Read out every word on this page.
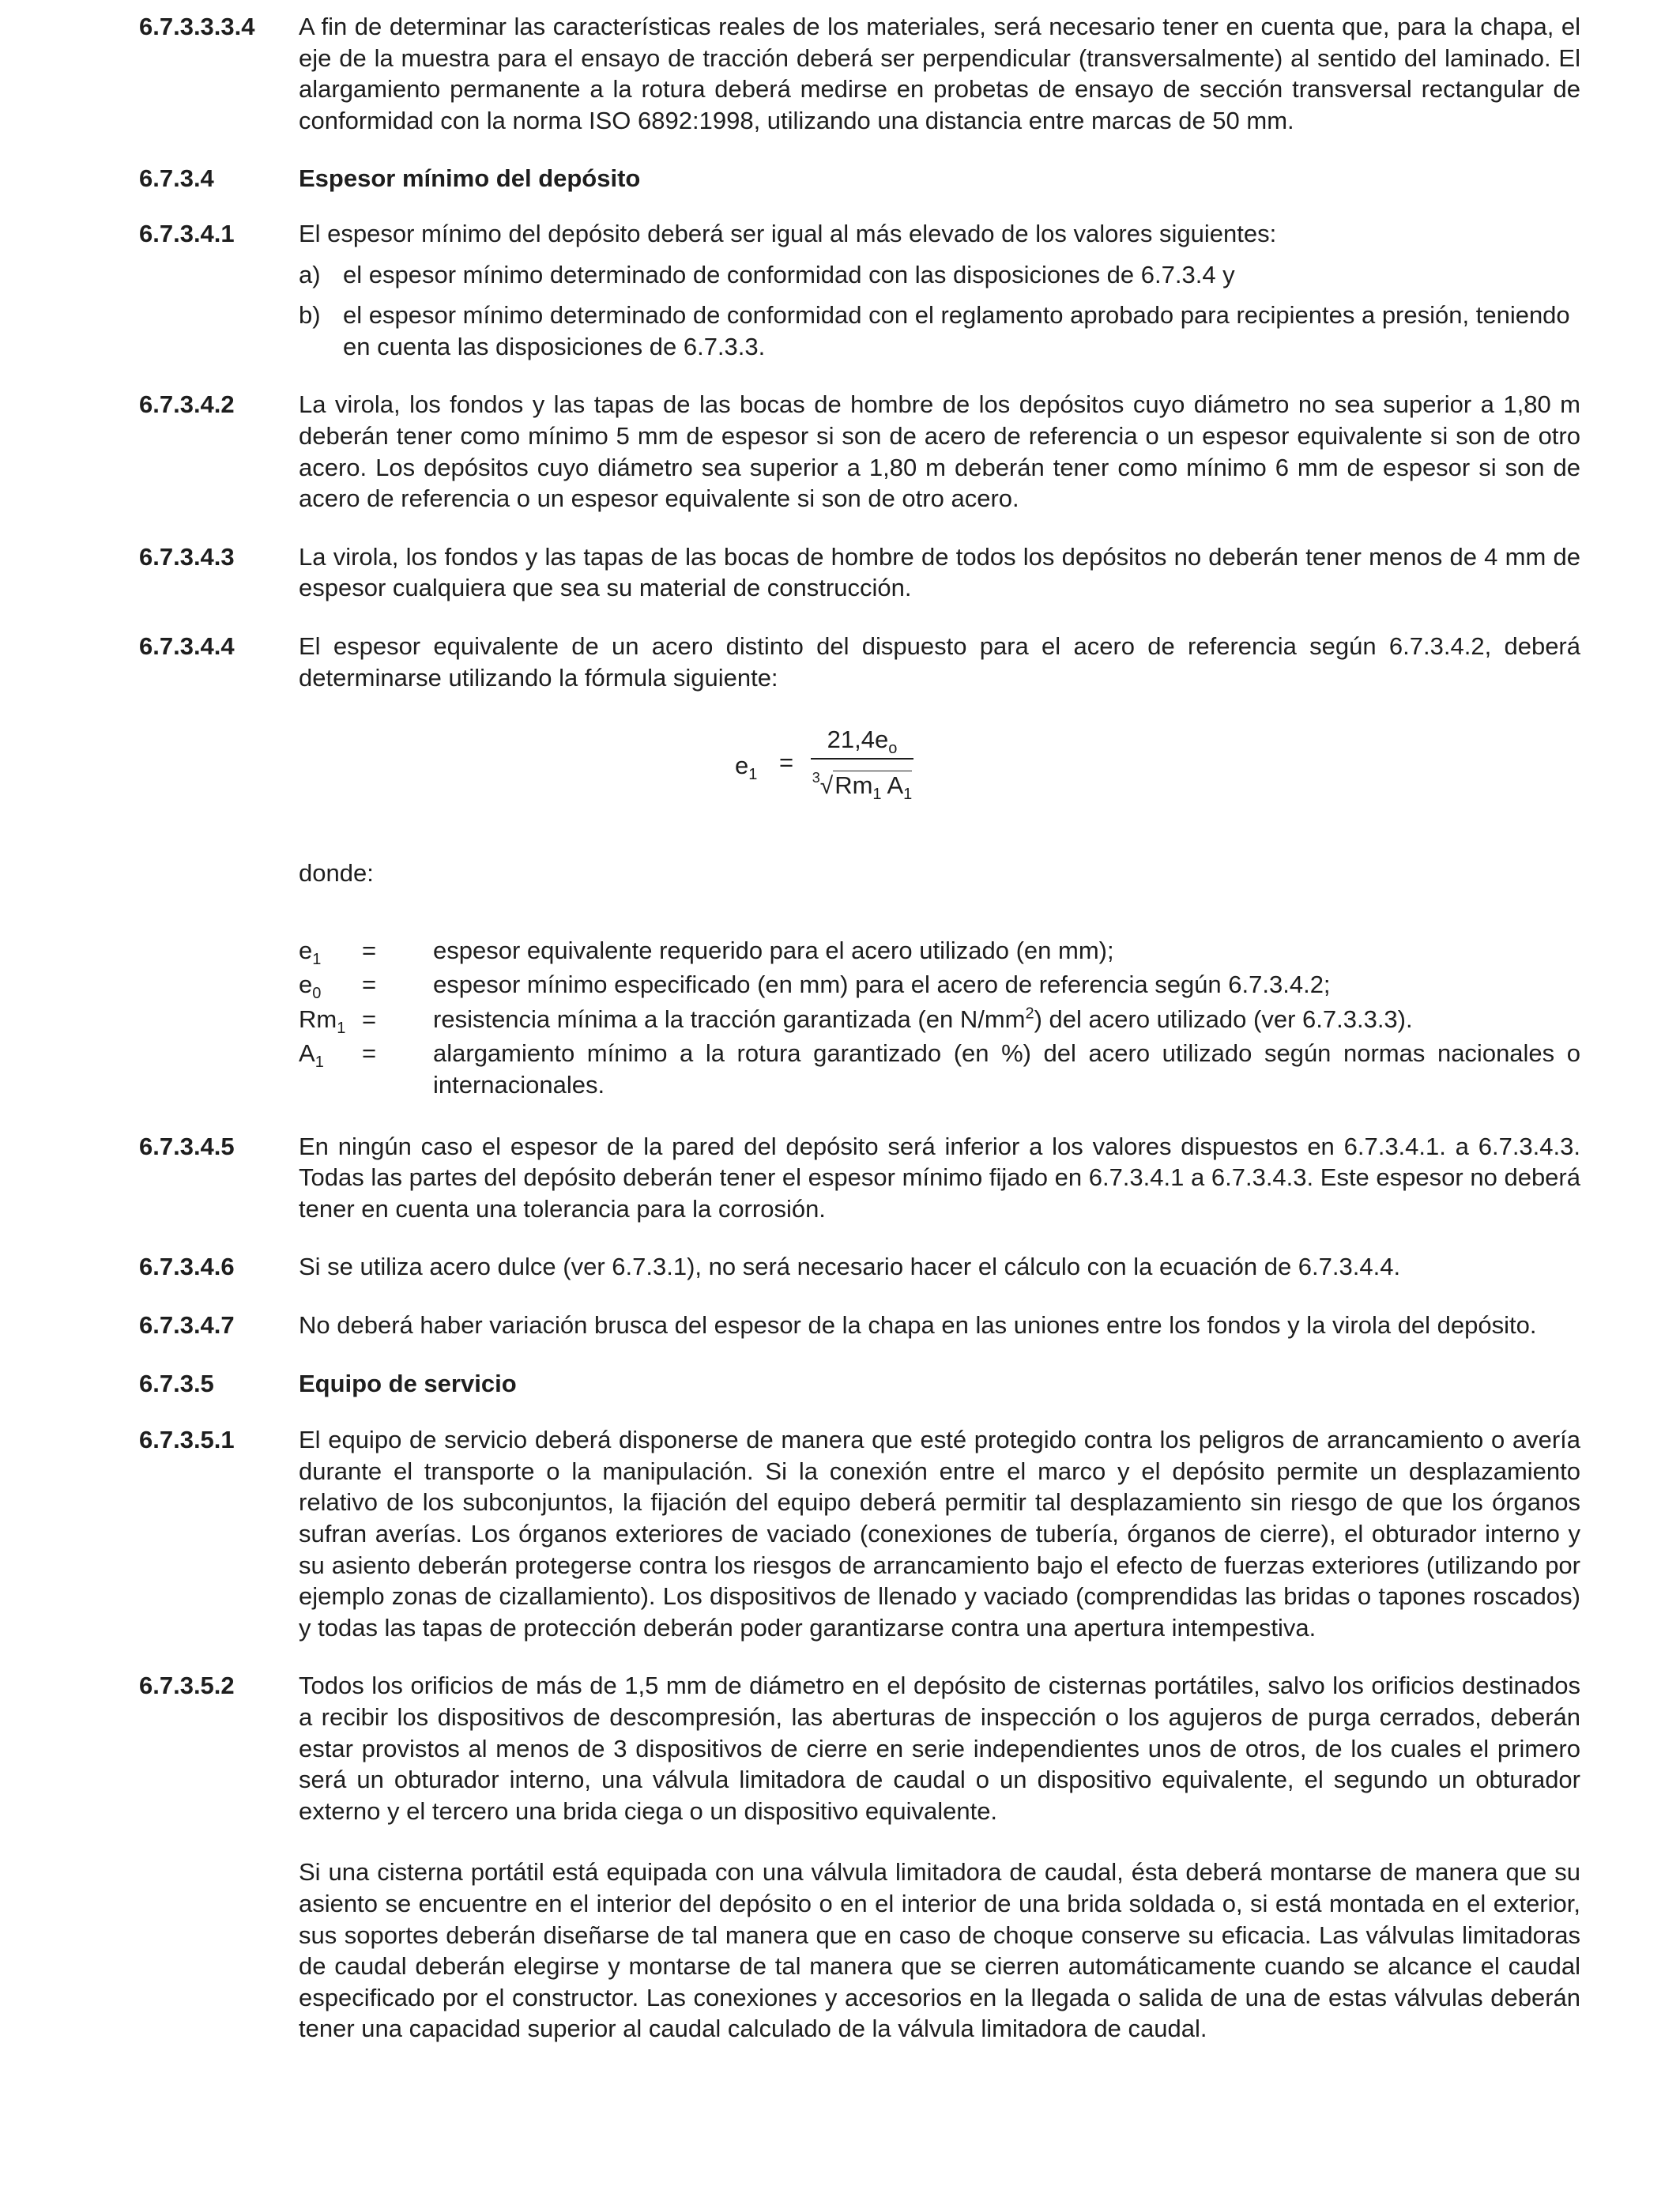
6.7.3.3.3.4	A fin de determinar las características reales de los materiales, será necesario tener en cuenta que, para la chapa, el eje de la muestra para el ensayo de tracción deberá ser perpendicular (transversalmente) al sentido del laminado. El alargamiento permanente a la rotura deberá medirse en probetas de ensayo de sección transversal rectangular de conformidad con la norma ISO 6892:1998, utilizando una distancia entre marcas de 50 mm.

6.7.3.4	Espesor mínimo del depósito
6.7.3.4.1	El espesor mínimo del depósito deberá ser igual al más elevado de los valores siguientes:

a) el espesor mínimo determinado de conformidad con las disposiciones de 6.7.3.4 y
b) el espesor mínimo determinado de conformidad con el reglamento aprobado para recipientes a presión, teniendo en cuenta las disposiciones de 6.7.3.3.
6.7.3.4.2	La virola, los fondos y las tapas de las bocas de hombre de los depósitos cuyo diámetro no sea superior a 1,80 m deberán tener como mínimo 5 mm de espesor si son de acero de referencia o un espesor equivalente si son de otro acero. Los depósitos cuyo diámetro sea superior a 1,80 m deberán tener como mínimo 6 mm de espesor si son de acero de referencia o un espesor equivalente si son de otro acero.

6.7.3.4.3	La virola, los fondos y las tapas de las bocas de hombre de todos los depósitos no deberán tener menos de 4 mm de espesor cualquiera que sea su material de construcción.

6.7.3.4.4	El espesor equivalente de un acero distinto del dispuesto para el acero de referencia según 6.7.3.4.2, deberá determinarse utilizando la fórmula siguiente:

$e_1$ =
$21,4e_o$
$^3√Rm_1$ $A_1$

donde:

$e_1$	=	espesor equivalente requerido para el acero utilizado (en mm);
$e_0$	=	espesor mínimo especificado (en mm) para el acero de referencia según 6.7.3.4.2;
$Rm_1$ =	resistencia mínima a la tracción garantizada (en $N/mm^2$) del acero utilizado (ver 6.7.3.3.3).
$A_1$	=	alargamiento mínimo a la rotura garantizado (en %) del acero utilizado según normas nacionales o internacionales.
6.7.3.4.5	En ningún caso el espesor de la pared del depósito será inferior a los valores dispuestos en 6.7.3.4.1. a 6.7.3.4.3. Todas las partes del depósito deberán tener el espesor mínimo fijado en 6.7.3.4.1 a 6.7.3.4.3. Este espesor no deberá tener en cuenta una tolerancia para la corrosión.

6.7.3.4.6	Si se utiliza acero dulce (ver 6.7.3.1), no será necesario hacer el cálculo con la ecuación de 6.7.3.4.4.

6.7.3.4.7	No deberá haber variación brusca del espesor de la chapa en las uniones entre los fondos y la virola del depósito.

6.7.3.5	Equipo de servicio
6.7.3.5.1	El equipo de servicio deberá disponerse de manera que esté protegido contra los peligros de arrancamiento o avería durante el transporte o la manipulación. Si la conexión entre el marco y el depósito permite un desplazamiento relativo de los subconjuntos, la fijación del equipo deberá permitir tal desplazamiento sin riesgo de que los órganos sufran averías. Los órganos exteriores de vaciado (conexiones de tubería, órganos de cierre), el obturador interno y su asiento deberán protegerse contra los riesgos de arrancamiento bajo el efecto de fuerzas exteriores (utilizando por ejemplo zonas de cizallamiento). Los dispositivos de llenado y vaciado (comprendidas las bridas o tapones roscados) y todas las tapas de protección deberán poder garantizarse contra una apertura intempestiva.

6.7.3.5.2	Todos los orificios de más de 1,5 mm de diámetro en el depósito de cisternas portátiles, salvo los orificios destinados a recibir los dispositivos de descompresión, las aberturas de inspección o los agujeros de purga cerrados, deberán estar provistos al menos de 3 dispositivos de cierre en serie independientes unos de otros, de los cuales el primero será un obturador interno, una válvula limitadora de caudal o un dispositivo equivalente, el segundo un obturador externo y el tercero una brida ciega o un dispositivo equivalente.

Si una cisterna portátil está equipada con una válvula limitadora de caudal, ésta deberá montarse de manera que su asiento se encuentre en el interior del depósito o en el interior de una brida soldada o, si está montada en el exterior, sus soportes deberán diseñarse de tal manera que en caso de choque conserve su eficacia. Las válvulas limitadoras de caudal deberán elegirse y montarse de tal manera que se cierren automáticamente cuando se alcance el caudal especificado por el constructor. Las conexiones y accesorios en la llegada o salida de una de estas válvulas deberán tener una capacidad superior al caudal calculado de la válvula limitadora de caudal.
